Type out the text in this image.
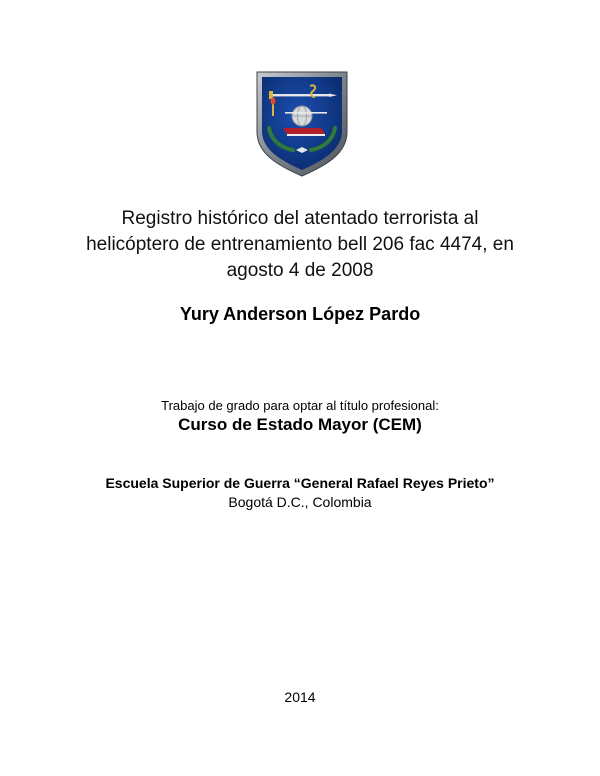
Registro histórico del atentado terrorista al
helicóptero de entrenamiento bell 206 fac 4474, en
agosto 4 de 2008
Yury Anderson López Pardo
Trabajo de grado para optar al título profesional:
Curso de Estado Mayor (CEM)
Escuela Superior de Guerra “General Rafael Reyes Prieto”
Bogotá D.C., Colombia
2014
